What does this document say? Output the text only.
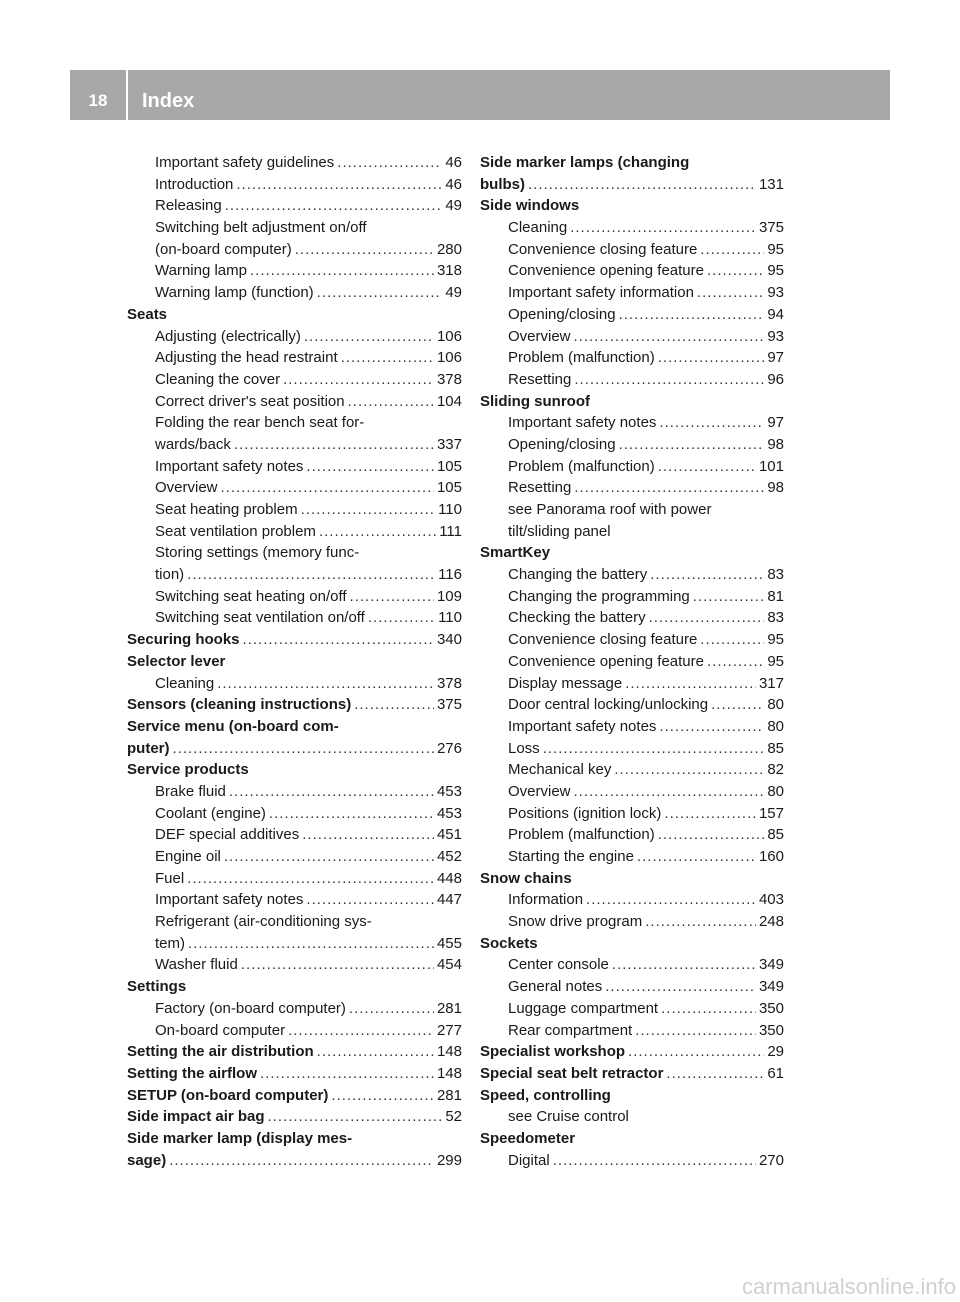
18	Index
Important safety guidelines .....	46
Introduction .....	46
Releasing .....	49
Switching belt adjustment on/off
(on-board computer) .....	280
Warning lamp .....	318
Warning lamp (function) .....	49
Seats
Adjusting (electrically) .....	106
Adjusting the head restraint .....	106
Cleaning the cover .....	378
Correct driver's seat position .....	104
Folding the rear bench seat for-
wards/back .....	337
Important safety notes .....	105
Overview .....	105
Seat heating problem .....	110
Seat ventilation problem .....	111
Storing settings (memory func-
tion) .....	116
Switching seat heating on/off .....	109
Switching seat ventilation on/off .....	110
Securing hooks .....	340
Selector lever
Cleaning .....	378
Sensors (cleaning instructions) .....	375
Service menu (on-board com-
puter) .....	276
Service products
Brake fluid .....	453
Coolant (engine) .....	453
DEF special additives .....	451
Engine oil .....	452
Fuel .....	448
Important safety notes .....	447
Refrigerant (air-conditioning sys-
tem) .....	455
Washer fluid .....	454
Settings
Factory (on-board computer) .....	281
On-board computer .....	277
Setting the air distribution .....	148
Setting the airflow .....	148
SETUP (on-board computer) .....	281
Side impact air bag .....	52
Side marker lamp (display mes-
sage) .....	299
Side marker lamps (changing
bulbs) .....	131
Side windows
Cleaning .....	375
Convenience closing feature .....	95
Convenience opening feature .....	95
Important safety information .....	93
Opening/closing .....	94
Overview .....	93
Problem (malfunction) .....	97
Resetting .....	96
Sliding sunroof
Important safety notes .....	97
Opening/closing .....	98
Problem (malfunction) .....	101
Resetting .....	98
see Panorama roof with power
tilt/sliding panel
SmartKey
Changing the battery .....	83
Changing the programming .....	81
Checking the battery .....	83
Convenience closing feature .....	95
Convenience opening feature .....	95
Display message .....	317
Door central locking/unlocking .....	80
Important safety notes .....	80
Loss .....	85
Mechanical key .....	82
Overview .....	80
Positions (ignition lock) .....	157
Problem (malfunction) .....	85
Starting the engine .....	160
Snow chains
Information .....	403
Snow drive program .....	248
Sockets
Center console .....	349
General notes .....	349
Luggage compartment .....	350
Rear compartment .....	350
Specialist workshop .....	29
Special seat belt retractor .....	61
Speed, controlling
see Cruise control
Speedometer
Digital .....	270
carmanualsonline.info
